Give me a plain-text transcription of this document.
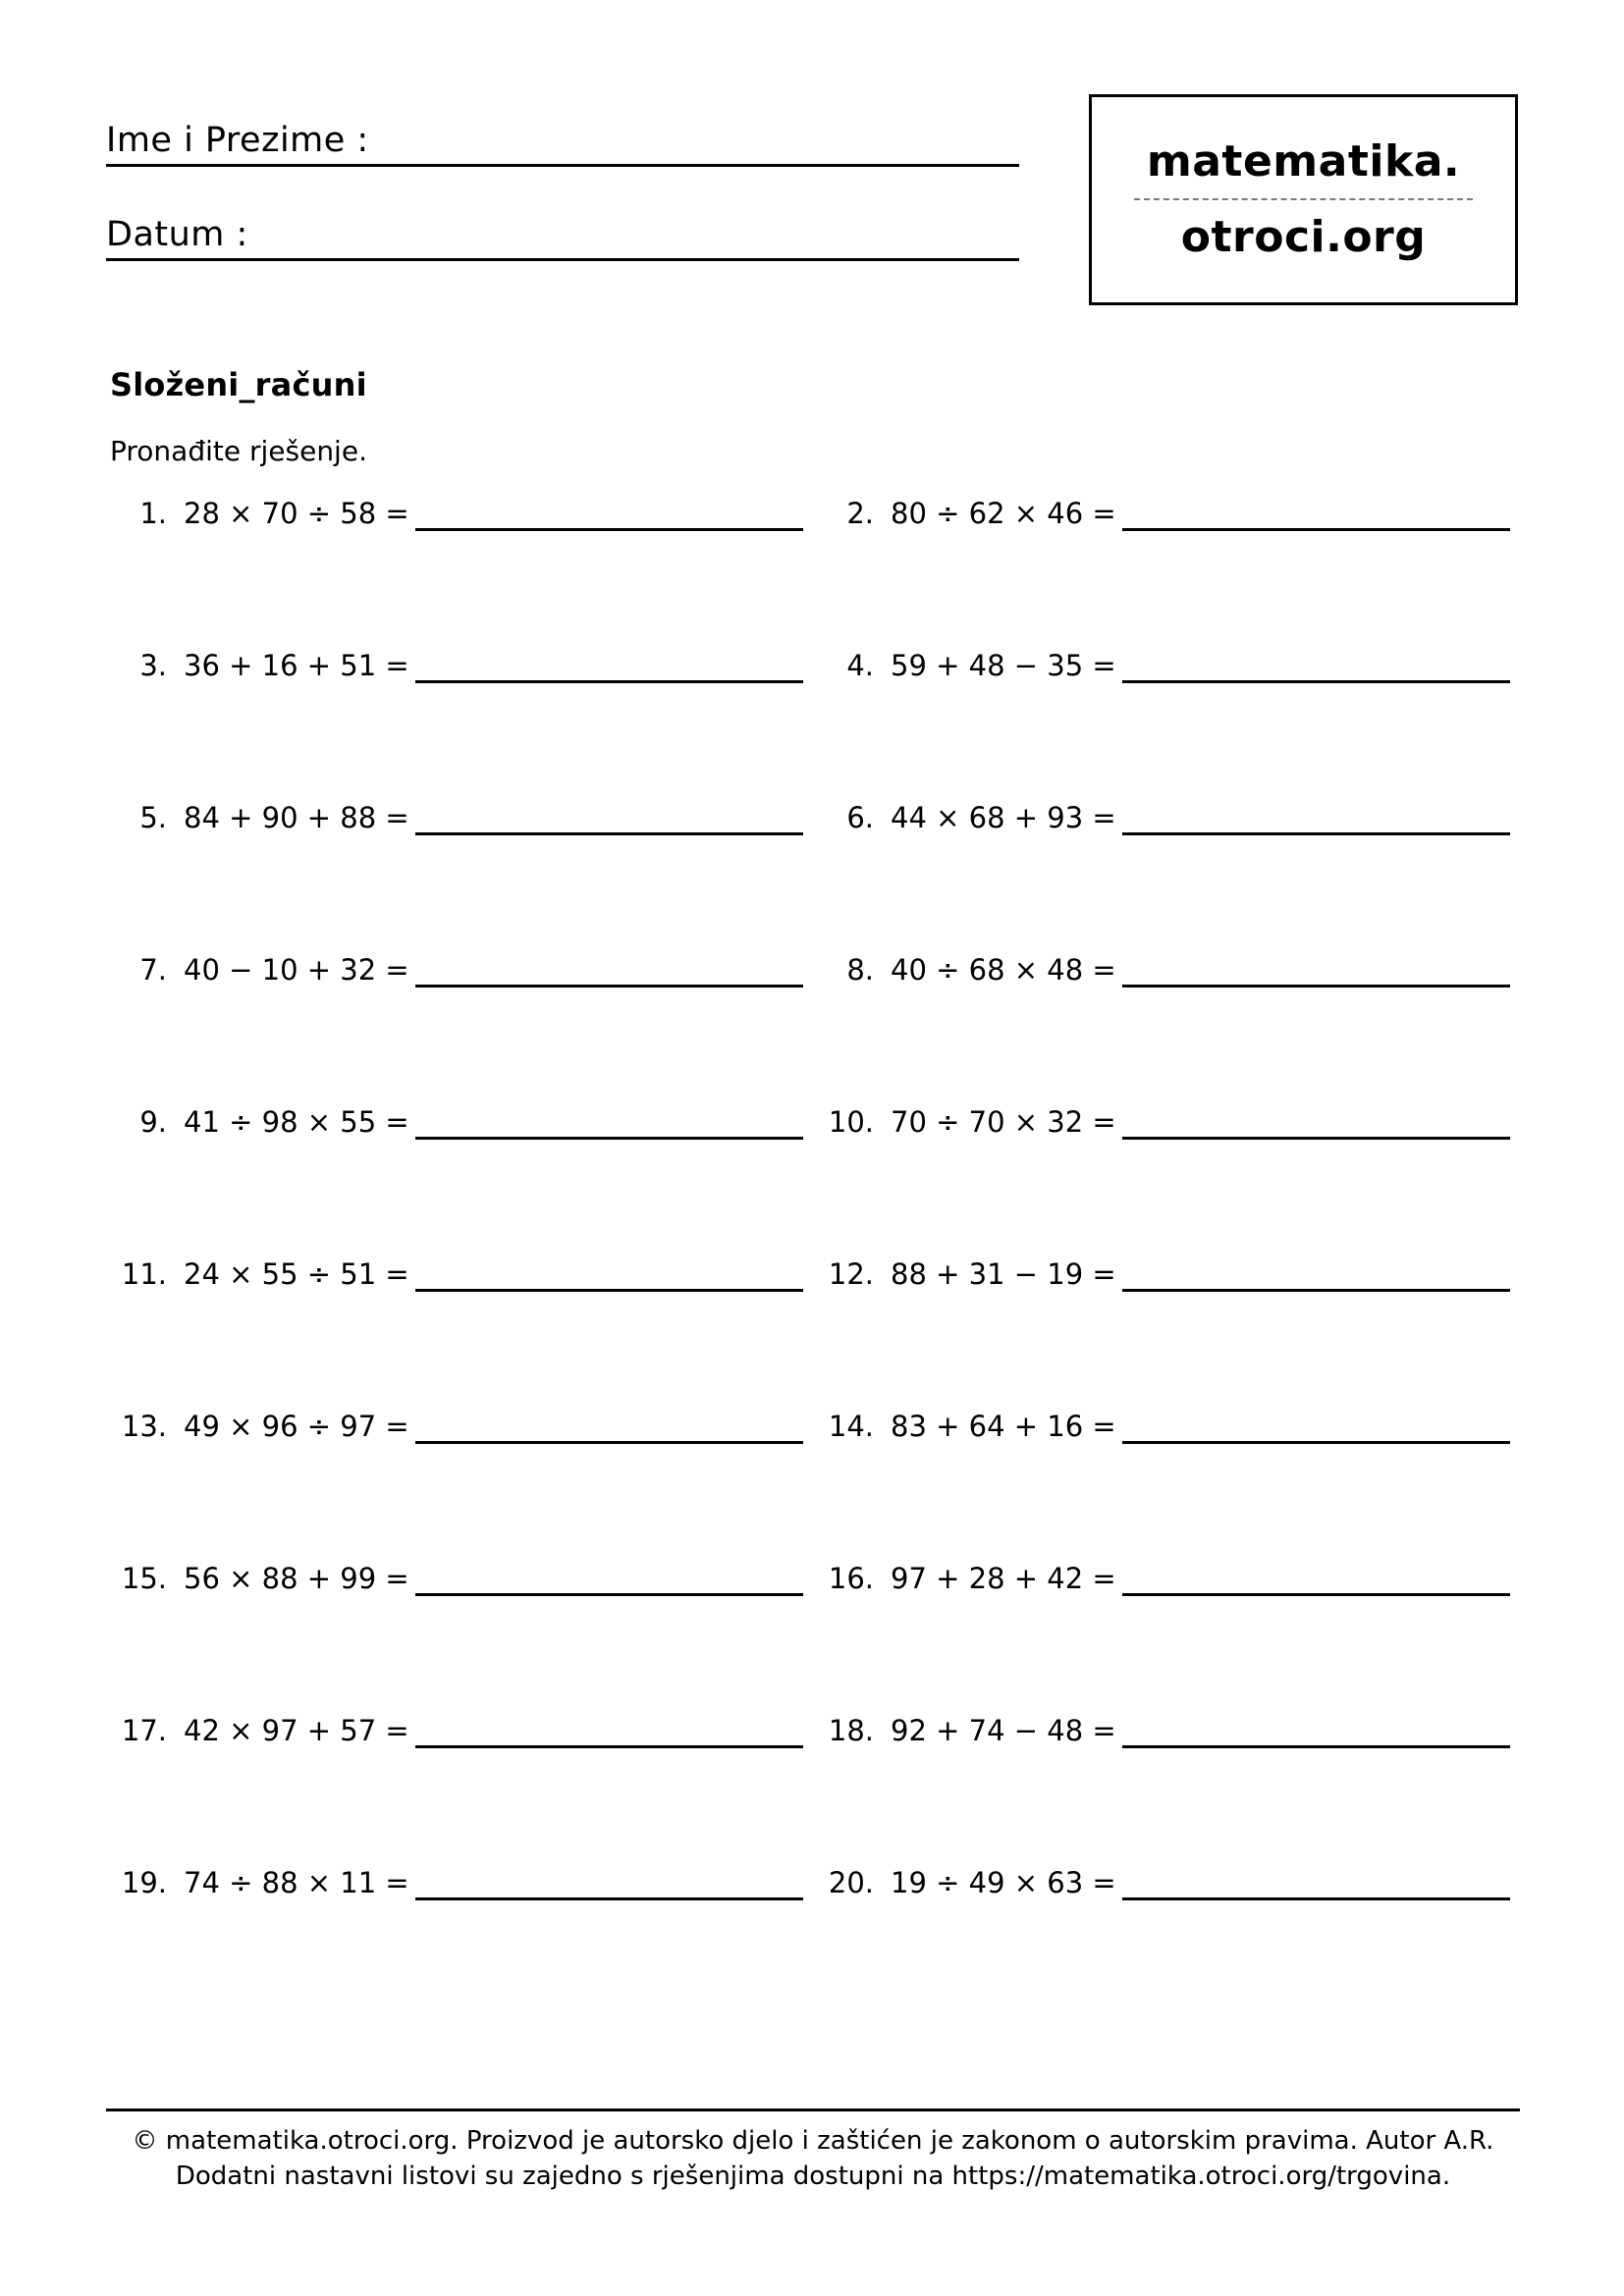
Ime i Prezime :
Datum :
matematika.
otroci.org
Složeni_računi
Pronađite rješenje.
1. 28 × 70 ÷ 58 =	2. 80 ÷ 62 × 46 =
3. 36 + 16 + 51 =	4. 59 + 48 − 35 =
5. 84 + 90 + 88 =	6. 44 × 68 + 93 =
7. 40 − 10 + 32 =	8. 40 ÷ 68 × 48 =
9. 41 ÷ 98 × 55 =	10. 70 ÷ 70 × 32 =
11. 24 × 55 ÷ 51 =	12. 88 + 31 − 19 =
13. 49 × 96 ÷ 97 =	14. 83 + 64 + 16 =
15. 56 × 88 + 99 =	16. 97 + 28 + 42 =
17. 42 × 97 + 57 =	18. 92 + 74 − 48 =
19. 74 ÷ 88 × 11 =	20. 19 ÷ 49 × 63 =
© matematika.otroci.org. Proizvod je autorsko djelo i zaštićen je zakonom o autorskim pravima. Autor A.R.
Dodatni nastavni listovi su zajedno s rješenjima dostupni na https://matematika.otroci.org/trgovina.
